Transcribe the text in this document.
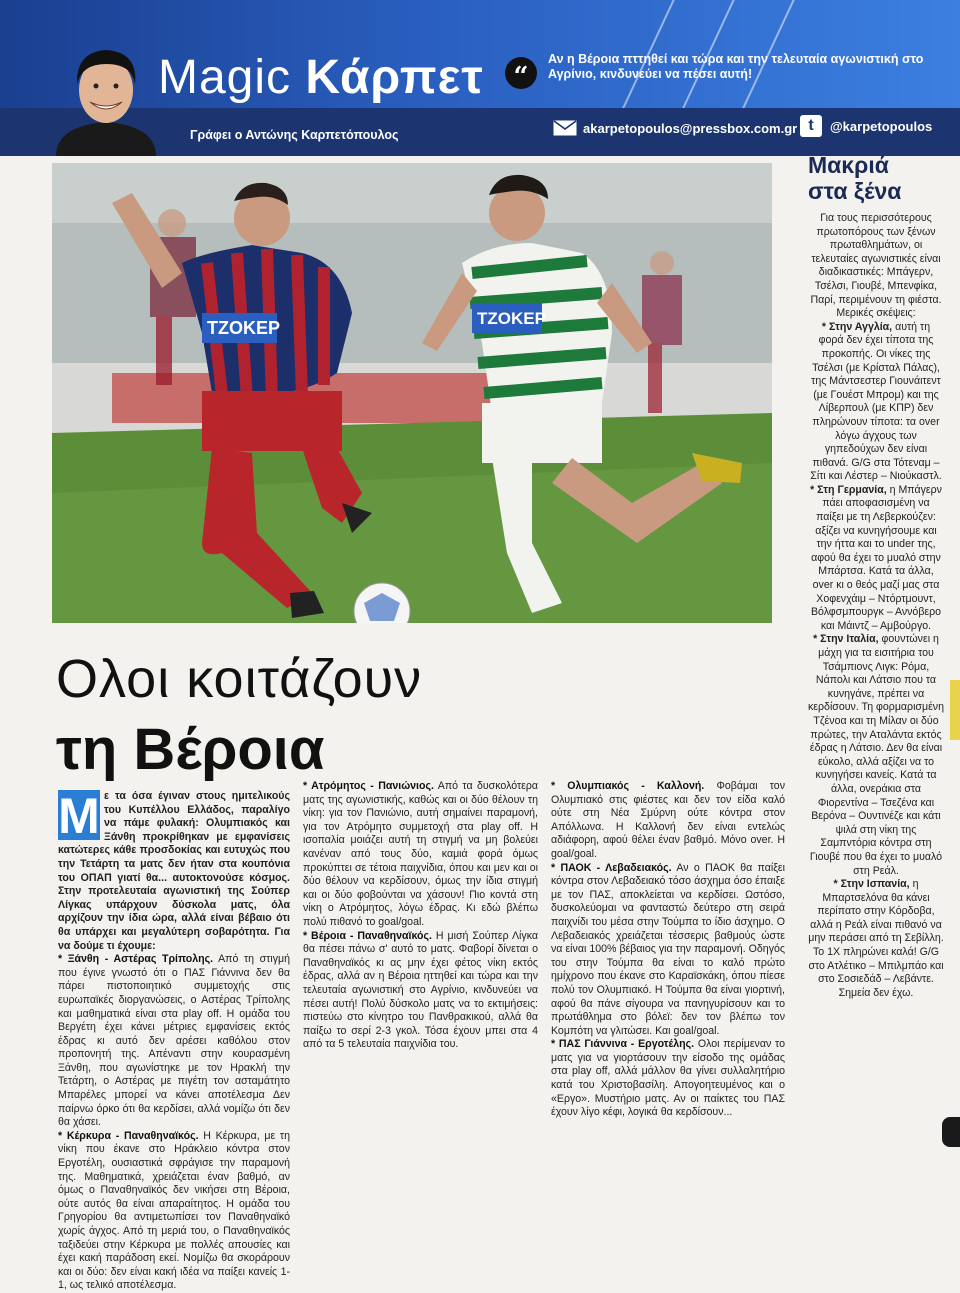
Magic Κάρπετ	“
Αν η Βέροια πττηθεί και τώρα και την τελευταία αγωνιστική στο Αγρίνιο, κινδυνεύει να πέσει αυτή!
Γράφει ο Αντώνης Καρπετόπουλος	akarpetopoulos@pressbox.com.gr t	@karpetopoulos
ΤΖΟΚΕΡ	ΤΖΟΚΕΡ
Ολοι κοιτάζουν
τη Βέροια
Μ ε τα όσα έγιναν στους ημιτελικούς του Κυπέλλου Ελλάδος, παραλίγο να πάμε φυλακή: Ολυμπιακός και Ξάνθη προκρίθηκαν με εμφανίσεις κατώτερες κάθε προσδοκίας και ευτυχώς που την Τετάρτη τα ματς δεν ήταν στα κουπόνια του ΟΠΑΠ γιατί θα... αυτοκτονούσε κόσμος. Στην προτελευταία αγωνιστική της Σούπερ Λίγκας υπάρχουν δύσκολα ματς, όλα αρχίζουν την ίδια ώρα, αλλά είναι βέβαιο ότι θα υπάρχει και μεγαλύτερη σοβαρότητα. Για να δούμε τι έχουμε:

* Ξάνθη - Αστέρας Τρίπολης. Από τη στιγμή που έγινε γνωστό ότι ο ΠΑΣ Γιάννινα δεν θα πάρει πιστοποιητικό συμμετοχής στις ευρωπαϊκές διοργανώσεις, ο Αστέρας Τρίπολης και μαθηματικά είναι στα play off. Η ομάδα του Βεργέτη έχει κάνει μέτριες εμφανίσεις εκτός έδρας κι αυτό δεν αρέσει καθόλου στον προπονητή της. Απέναντι στην κουρασμένη Ξάνθη, που αγωνίστηκε με τον Ηρακλή την Τετάρτη, ο Αστέρας με πιγέτη τον ασταμάτητο Μπαρέλες μπορεί να κάνει αποτέλεσμα Δεν παίρνω όρκο ότι θα κερδίσει, αλλά νομίζω ότι δεν θα χάσει.

* Κέρκυρα - Παναθηναϊκός. Η Κέρκυρα, με τη νίκη που έκανε στο Ηράκλειο κόντρα στον Εργοτέλη, ουσιαστικά σφράγισε την παραμονή της. Μαθηματικά, χρειάζεται έναν βαθμό, αν όμως ο Παναθηναϊκός δεν νικήσει στη Βέροια, ούτε αυτός θα είναι απαραίτητος. Η ομάδα του Γρηγορίου θα αντιμετωπίσει τον Παναθηναϊκό χωρίς άγχος. Από τη μεριά του, ο Παναθηναϊκός ταξιδεύει στην Κέρκυρα με πολλές απουσίες και έχει κακή παράδοση εκεί. Νομίζω θα σκοράρουν και οι δύο: δεν είναι κακή ιδέα να παίξει κανείς 1-1, ως τελικό αποτέλεσμα.

* Ατρόμητος - Πανιώνιος. Από τα δυσκολότερα ματς της αγωνιστικής, καθώς και οι δύο θέλουν τη νίκη: για τον Πανιώνιο, αυτή σημαίνει παραμονή, για τον Ατρόμητο συμμετοχή στα play off. Η ισοπαλία μοιάζει αυτή τη στιγμή να μη βολεύει κανέναν από τους δύο, καμιά φορά όμως προκύπτει σε τέτοια παιχνίδια, όπου και μεν και οι δύο θέλουν να κερδίσουν, όμως την ίδια στιγμή και οι δύο φοβούνται να χάσουν! Πιο κοντά στη νίκη ο Ατρόμητος, λόγω έδρας. Κι εδώ βλέπω πολύ πιθανό το goal/goal.

* Βέροια - Παναθηναϊκός. Η μισή Σούπερ Λίγκα θα πέσει πάνω σ' αυτό το ματς. Φαβορί δίνεται ο Παναθηναϊκός κι ας μην έχει φέτος νίκη εκτός έδρας, αλλά αν η Βέροια ηττηθεί και τώρα και την τελευταία αγωνιστική στο Αγρίνιο, κινδυνεύει να πέσει αυτή! Πολύ δύσκολο ματς να το εκτιμήσεις: πιστεύω στο κίνητρο του Πανθρακικού, αλλά θα παίξω το σερί 2-3 γκολ. Τόσα έχουν μπει στα 4 από τα 5 τελευταία παιχνίδια του.

* Ολυμπιακός - Καλλονή. Φοβάμαι τον Ολυμπιακό στις φιέστες και δεν τον είδα καλό ούτε στη Νέα Σμύρνη ούτε κόντρα στον Απόλλωνα. Η Καλλονή δεν είναι εντελώς αδιάφορη, αφού θέλει έναν βαθμό. Μόνο over. Η goal/goal.

* ΠΑΟΚ - Λεβαδειακός. Αν ο ΠΑΟΚ θα παίξει κόντρα στον Λεβαδειακό τόσο άσχημα όσο έπαιξε με τον ΠΑΣ, αποκλείεται να κερδίσει. Ωστόσο, δυσκολεύομαι να φανταστώ δεύτερο στη σειρά παιχνίδι του μέσα στην Τούμπα το ίδιο άσχημο. Ο Λεβαδειακός χρειάζεται τέσσερις βαθμούς ώστε να είναι 100% βέβαιος για την παραμονή. Οδηγός του στην Τούμπα θα είναι το καλό πρώτο ημίχρονο που έκανε στο Καραϊσκάκη, όπου πίεσε πολύ τον Ολυμπιακό. Η Τούμπα θα είναι γιορτινή, αφού θα πάνε σίγουρα να πανηγυρίσουν και το πρωτάθλημα στο βόλεϊ: δεν τον βλέπω τον Κομπότη να γλιτώσει. Και goal/goal.

* ΠΑΣ Γιάννινα - Εργοτέλης. Ολοι περίμεναν το ματς για να γιορτάσουν την είσοδο της ομάδας στα play off, αλλά μάλλον θα γίνει συλλαλητήριο κατά του Χριστοβασίλη. Απογοητευμένος και ο «Εργο». Μυστήριο ματς. Αν οι παίκτες του ΠΑΣ έχουν λίγο κέφι, λογικά θα κερδίσουν...

Μακριά
στα ξένα

Για τους περισσότερους πρωτοπόρους των ξένων πρωταθλημάτων, οι τελευταίες αγωνιστικές είναι διαδικαστικές: Μπάγερν, Τσέλσι, Γιουβέ, Μπενφίκα, Παρί, περιμένουν τη φιέστα. Μερικές σκέψεις:

* Στην Αγγλία, αυτή τη φορά δεν έχει τίποτα της προκοπής. Οι νίκες της Τσέλσι (με Κρίσταλ Πάλας), της Μάντσεστερ Γιουνάιτεντ (με Γουέστ Μπρομ) και της Λίβερπουλ (με ΚΠΡ) δεν πληρώνουν τίποτα: τα over λόγω άγχους των γηπεδούχων δεν είναι πιθανά. G/G στα Τότεναμ – Σίτι και Λέστερ – Νιούκαστλ.

* Στη Γερμανία, η Μπάγερν πάει αποφασισμένη να παίξει με τη Λεβερκούζεν: αξίζει να κυνηγήσουμε και την ήττα και το under της, αφού θα έχει το μυαλό στην Μπάρτσα. Κατά τα άλλα, over κι ο θεός μαζί μας στα Χοφενχάιμ – Ντόρτμουντ, Βόλφσμπουργκ – Αννόβερο και Μάιντζ – Αμβούργο.

* Στην Ιταλία, φουντώνει η μάχη για τα εισιτήρια του Τσάμπιονς Λιγκ: Ρόμα, Νάπολι και Λάτσιο που τα κυνηγάνε, πρέπει να κερδίσουν. Τη φορμαρισμένη Τζένοα και τη Μίλαν οι δύο πρώτες, την Αταλάντα εκτός έδρας η Λάτσιο. Δεν θα είναι εύκολο, αλλά αξίζει να το κυνηγήσει κανείς. Κατά τα άλλα, ονεράκια στα Φιορεντίνα – Τσεζένα και Βερόνα – Ουντινέζε και κάτι ψιλά στη νίκη της Σαμπντόρια κόντρα στη Γιουβέ που θα έχει το μυαλό στη Ρεάλ.

* Στην Ισπανία, η Μπαρτσελόνα θα κάνει περίπατο στην Κόρδοβα, αλλά η Ρεάλ είναι πιθανό να μην περάσει από τη Σεβίλλη. Το 1X πληρώνει καλά! G/G στο Ατλέτικο – Μπιλμπάο και στο Σοσιεδάδ – Λεβάντε. Σημεία δεν έχω.
